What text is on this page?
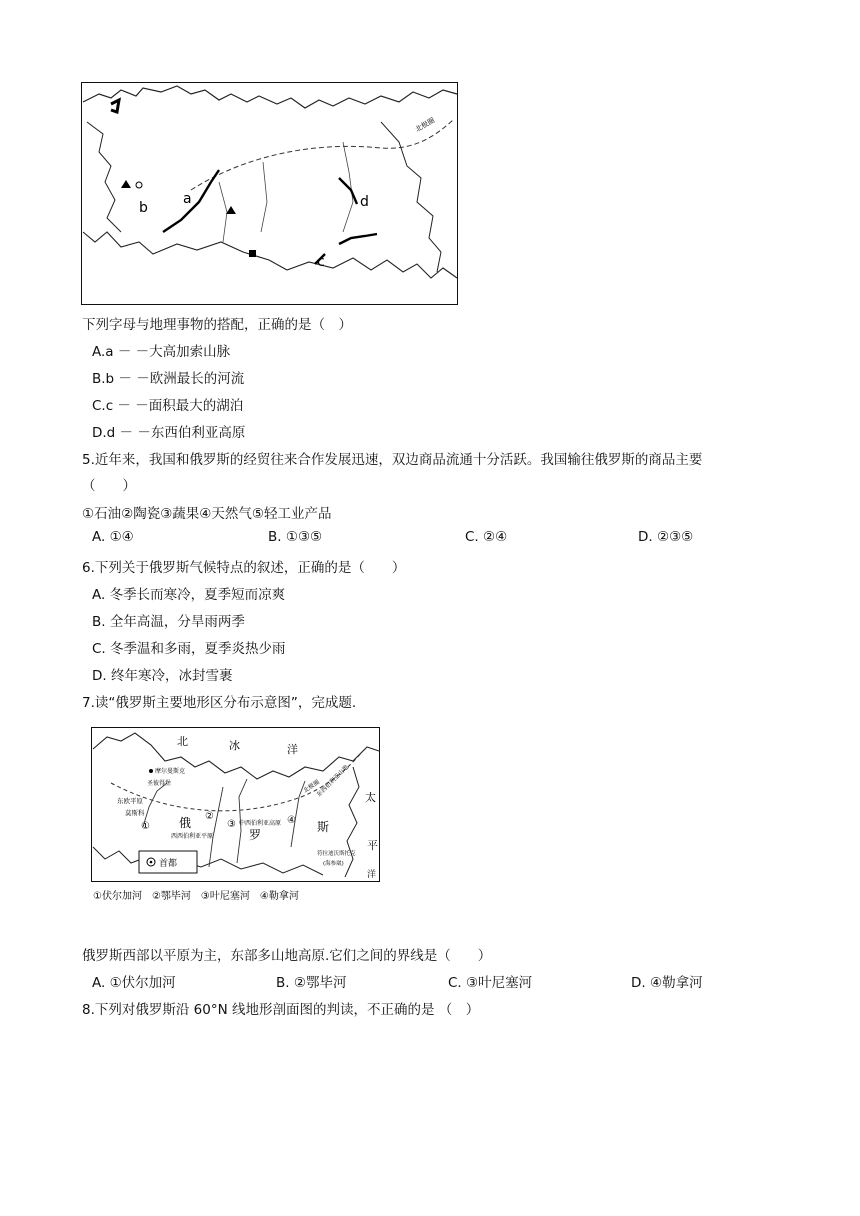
北极圈
a
b
c
d
下列字母与地理事物的搭配，正确的是（　）
A.a － －大高加索山脉
B.b － －欧洲最长的河流
C.c － －面积最大的湖泊
D.d － －东西伯利亚高原
5.近年来，我国和俄罗斯的经贸往来合作发展迅速，双边商品流通十分活跃。我国输往俄罗斯的商品主要
（　　）
①石油②陶瓷③蔬果④天然气⑤轻工业产品
A. ①④	B. ①③⑤	C. ②④	D. ②③⑤
6.下列关于俄罗斯气候特点的叙述，正确的是（　　）
A. 冬季长而寒冷，夏季短而凉爽
B. 全年高温，分旱雨两季
C. 冬季温和多雨，夏季炎热少雨
D. 终年寒冷，冰封雪裹
7.读“俄罗斯主要地形区分布示意图”，完成题.
北	冰	洋
太
平
洋
俄
罗
斯
摩尔曼斯克
圣彼得堡
东欧平原
莫斯科
①
②
③	④
西西伯利亚平原
中西伯利亚高原
东西伯利亚山地
北极圈
符拉迪沃斯托克
(海参崴)
首都
①伏尔加河　②鄂毕河　③叶尼塞河　④勒拿河
俄罗斯西部以平原为主，东部多山地高原.它们之间的界线是（　　）
A. ①伏尔加河	B. ②鄂毕河	C. ③叶尼塞河	D. ④勒拿河
8.下列对俄罗斯沿 60°N 线地形剖面图的判读，不正确的是 （　）
